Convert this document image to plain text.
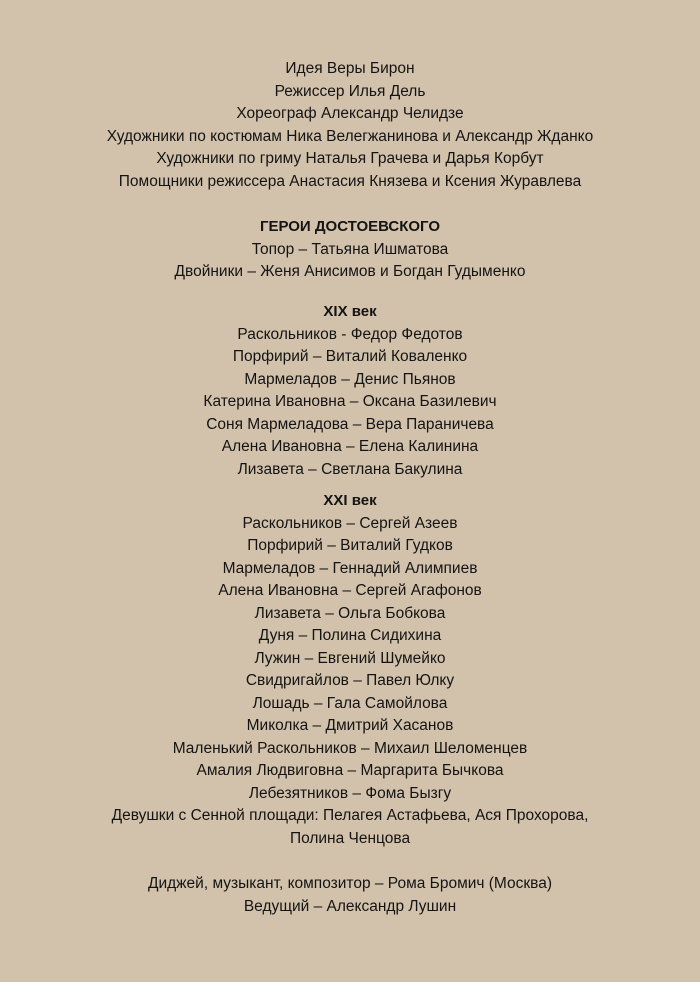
Идея Веры Бирон
Режиссер Илья Дель
Хореограф Александр Челидзе
Художники по костюмам Ника Велегжанинова и Александр Жданко
Художники по гриму Наталья Грачева и Дарья Корбут
Помощники режиссера Анастасия Князева и Ксения Журавлева
ГЕРОИ ДОСТОЕВСКОГО
Топор – Татьяна Ишматова
Двойники – Женя Анисимов и Богдан Гудыменко
XIX век
Раскольников - Федор Федотов
Порфирий – Виталий Коваленко
Мармеладов – Денис Пьянов
Катерина Ивановна – Оксана Базилевич
Соня Мармеладова – Вера Параничева
Алена Ивановна – Елена Калинина
Лизавета – Светлана Бакулина
XXI век
Раскольников – Сергей Азеев
Порфирий – Виталий Гудков
Мармеладов – Геннадий Алимпиев
Алена Ивановна – Сергей Агафонов
Лизавета – Ольга Бобкова
Дуня – Полина Сидихина
Лужин – Евгений Шумейко
Свидригайлов – Павел Юлку
Лошадь – Гала Самойлова
Миколка – Дмитрий Хасанов
Маленький Раскольников – Михаил Шеломенцев
Амалия Людвиговна – Маргарита Бычкова
Лебезятников – Фома Бызгу
Девушки с Сенной площади: Пелагея Астафьева, Ася Прохорова,
Полина Ченцова
Диджей, музыкант, композитор – Рома Бромич (Москва)
Ведущий – Александр Лушин
